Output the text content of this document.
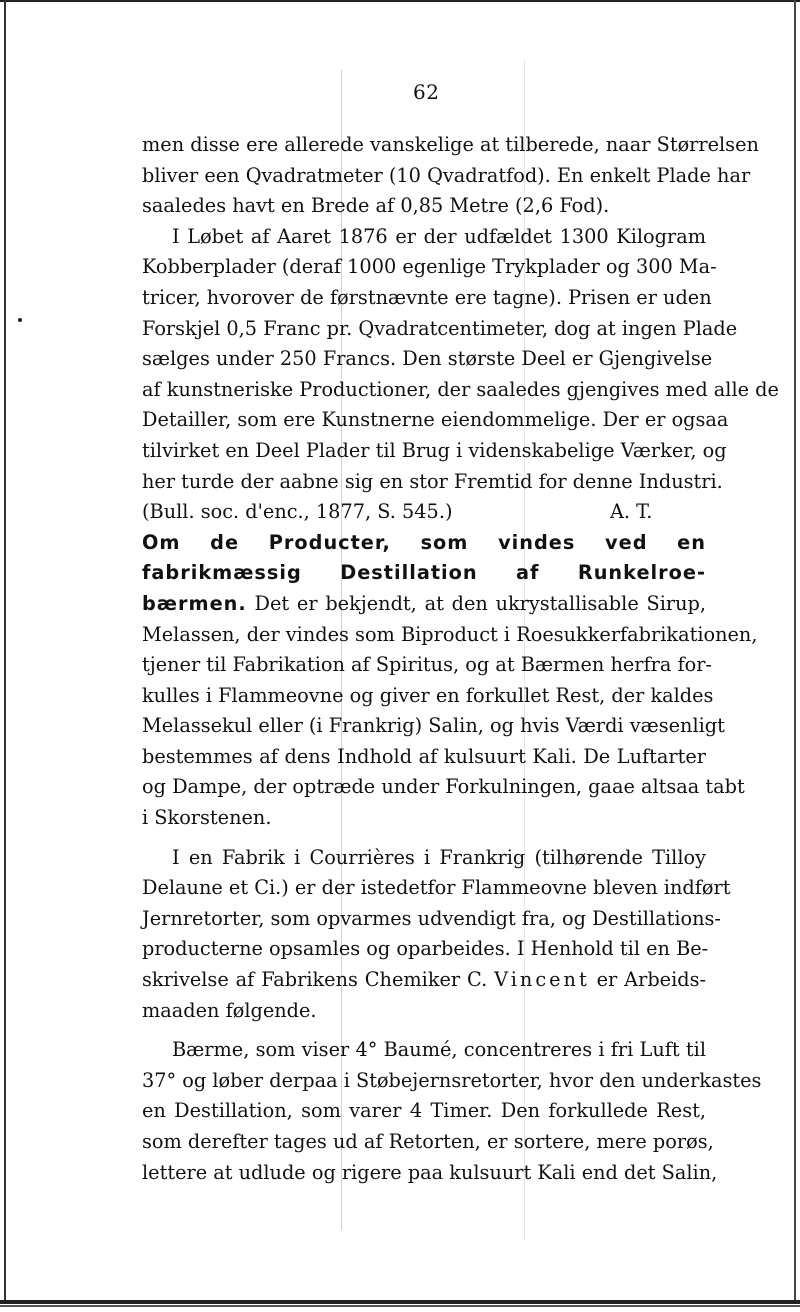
62
men disse ere allerede vanskelige at tilberede, naar Størrelsen
bliver een Qvadratmeter (10 Qvadratfod). En enkelt Plade har
saaledes havt en Brede af 0,85 Metre (2,6 Fod).
I Løbet af Aaret 1876 er der udfældet 1300 Kilogram
Kobberplader (deraf 1000 egenlige Trykplader og 300 Ma-
tricer, hvorover de førstnævnte ere tagne). Prisen er uden
Forskjel 0,5 Franc pr. Qvadratcentimeter, dog at ingen Plade
sælges under 250 Francs. Den største Deel er Gjengivelse
af kunstneriske Productioner, der saaledes gjengives med alle de
Detailler, som ere Kunstnerne eiendommelige. Der er ogsaa
tilvirket en Deel Plader til Brug i videnskabelige Værker, og
her turde der aabne sig en stor Fremtid for denne Industri.
(Bull. soc. d'enc., 1877, S. 545.)	A. T.
Om de Producter, som vindes ved en
fabrikmæssig Destillation af Runkelroe-
bærmen. Det er bekjendt, at den ukrystallisable Sirup,
Melassen, der vindes som Biproduct i Roesukkerfabrikationen,
tjener til Fabrikation af Spiritus, og at Bærmen herfra for-
kulles i Flammeovne og giver en forkullet Rest, der kaldes
Melassekul eller (i Frankrig) Salin, og hvis Værdi væsenligt
bestemmes af dens Indhold af kulsuurt Kali. De Luftarter
og Dampe, der optræde under Forkulningen, gaae altsaa tabt
i Skorstenen.
I en Fabrik i Courrières i Frankrig (tilhørende Tilloy
Delaune et Ci.) er der istedetfor Flammeovne bleven indført
Jernretorter, som opvarmes udvendigt fra, og Destillations-
producterne opsamles og oparbeides. I Henhold til en Be-
skrivelse af Fabrikens Chemiker C. Vincent er Arbeids-
maaden følgende.
Bærme, som viser 4° Baumé, concentreres i fri Luft til
37° og løber derpaa i Støbejernsretorter, hvor den underkastes
en Destillation, som varer 4 Timer. Den forkullede Rest,
som derefter tages ud af Retorten, er sortere, mere porøs,
lettere at udlude og rigere paa kulsuurt Kali end det Salin,
